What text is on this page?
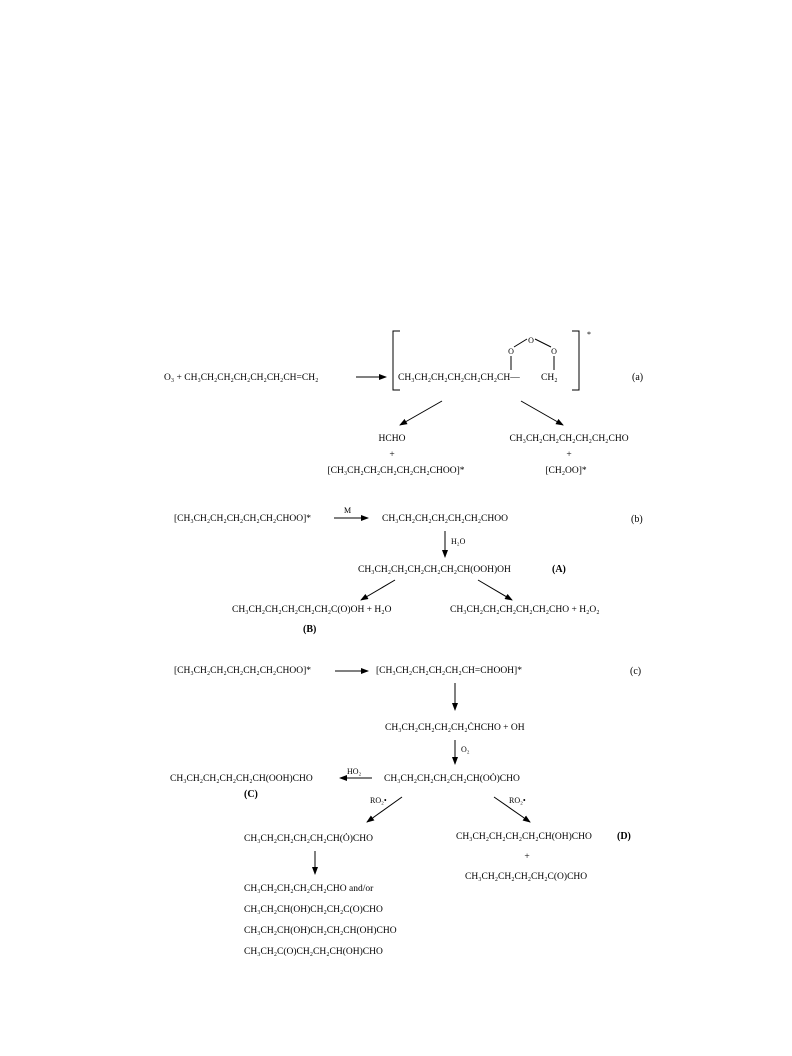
O₃ + CH₃CH₂CH₂CH₂CH₂CH₂CH=CH₂
*
CH₃CH₂CH₂CH₂CH₂CH₂CH— CH₂
O
O	O
(a)
HCHO
+
[CH₃CH₂CH₂CH₂CH₂CH₂CHOO]*
CH₃CH₂CH₂CH₂CH₂CH₂CHO
+
[CH₂OO]*
[CH₃CH₂CH₂CH₂CH₂CH₂CHOO]*
M
CH₃CH₂CH₂CH₂CH₂CH₂CHOO	(b)
H₂O
CH₃CH₂CH₂CH₂CH₂CH₂CH(OOH)OH	(A)
CH₃CH₂CH₂CH₂CH₂CH₂C(O)OH + H₂O
(B)
CH₃CH₂CH₂CH₂CH₂CH₂CHO + H₂O₂
[CH₃CH₂CH₂CH₂CH₂CH₂CHOO]*	[CH₃CH₂CH₂CH₂CH₂CH=CHOOH]*	(c)
CH₃CH₂CH₂CH₂CH₂ĊHCHO + OH
O₂
CH₃CH₂CH₂CH₂CH₂CH(OȮ)CHO
HO₂
CH₃CH₂CH₂CH₂CH₂CH(OOH)CHO
(C)
RO₂•	RO₂•
CH₃CH₂CH₂CH₂CH₂CH(Ȯ)CHO	CH₃CH₂CH₂CH₂CH₂CH(OH)CHO	(D)
+
CH₃CH₂CH₂CH₂CH₂C(O)CHO
CH₃CH₂CH₂CH₂CH₂CHO and/or
CH₃CH₂CH(OH)CH₂CH₂C(O)CHO
CH₃CH₂CH(OH)CH₂CH₂CH(OH)CHO
CH₃CH₂C(O)CH₂CH₂CH(OH)CHO
